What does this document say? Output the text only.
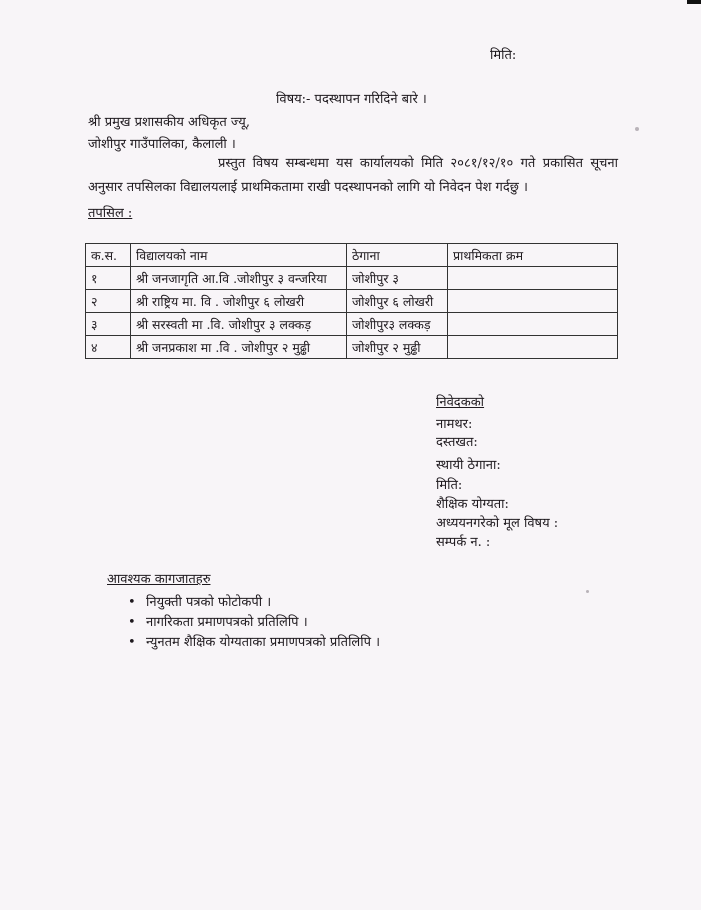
मिति:
विषय:- पदस्थापन गरिदिने बारे ।
श्री प्रमुख प्रशासकीय अधिकृत ज्यू,
जोशीपुर गाउँपालिका, कैलाली ।
प्रस्तुत विषय सम्बन्धमा यस कार्यालयको मिति २०८१/१२/१० गते प्रकासित सूचना अनुसार तपसिलका विद्यालयलाई प्राथमिकतामा राखी पदस्थापनको लागि यो निवेदन पेश गर्दछु ।
तपसिल :
क.स.	विद्यालयको नाम	ठेगाना	प्राथमिकता क्रम
१	श्री जनजागृति आ.वि .जोशीपुर ३ वन्जरिया	जोशीपुर ३	
२	श्री राष्ट्रिय मा. वि . जोशीपुर ६ लोखरी	जोशीपुर ६ लोखरी	
३	श्री सरस्वती मा .वि. जोशीपुर ३ लक्कड़	जोशीपुर३ लक्कड़	
४	श्री जनप्रकाश मा .वि . जोशीपुर २ मुढ्ढी	जोशीपुर २ मुढ्ढी	
निवेदकको
नामथर:
दस्तखत:
स्थायी ठेगाना:
मिति:
शैक्षिक योग्यता:
अध्ययनगरेको मूल विषय :
सम्पर्क न. :
आवश्यक कागजातहरु
• नियुक्ती पत्रको फोटोकपी ।
• नागरिकता प्रमाणपत्रको प्रतिलिपि ।
• न्युनतम शैक्षिक योग्यताका प्रमाणपत्रको प्रतिलिपि ।
